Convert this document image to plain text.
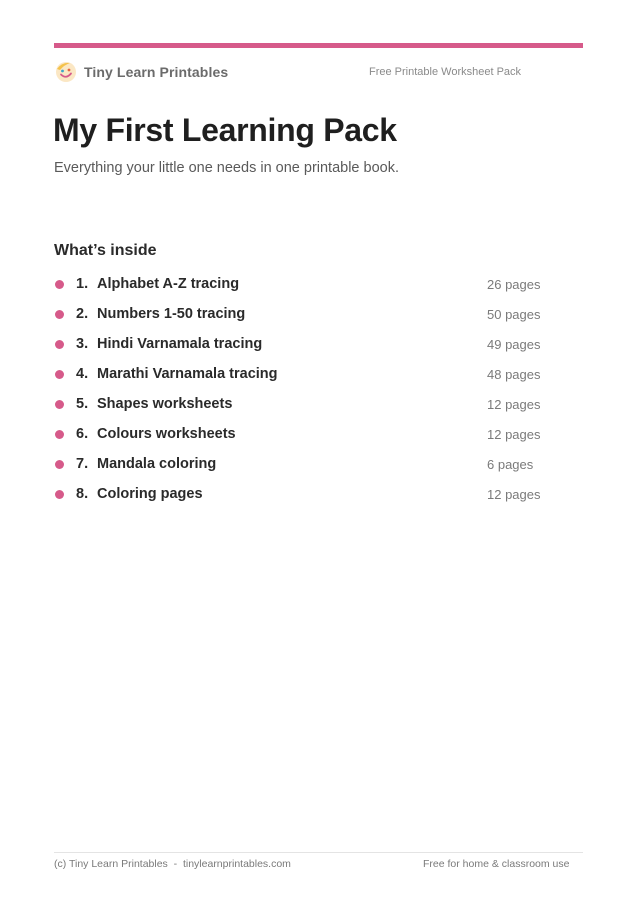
Tiny Learn Printables	Free Printable Worksheet Pack
My First Learning Pack

Everything your little one needs in one printable book.

What’s inside
1. Alphabet A-Z tracing	26 pages
2. Numbers 1-50 tracing	50 pages
3. Hindi Varnamala tracing	49 pages
4. Marathi Varnamala tracing	48 pages
5. Shapes worksheets	12 pages
6. Colours worksheets	12 pages
7. Mandala coloring	6 pages
8. Coloring pages	12 pages
(c) Tiny Learn Printables  -  tinylearnprintables.com	Free for home & classroom use
